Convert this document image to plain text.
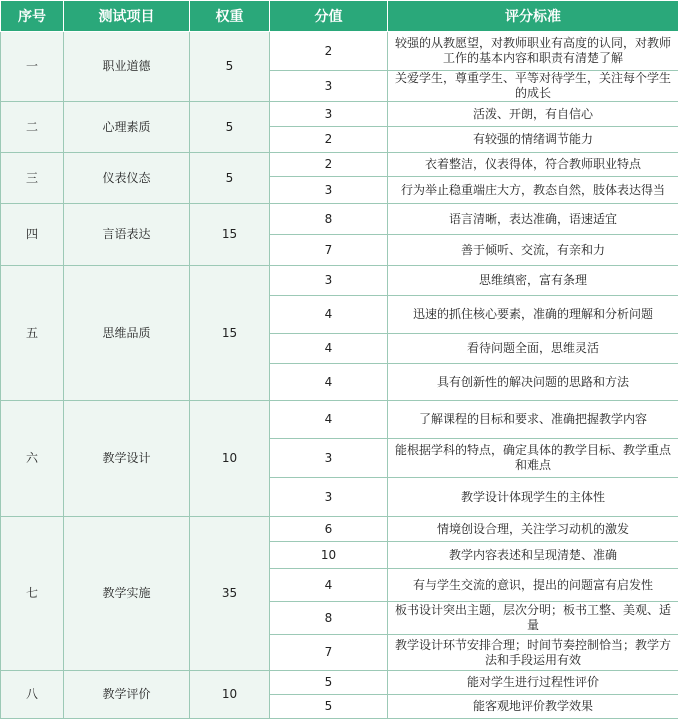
序号	测试项目	权重	分值	评分标准
一	职业道德	5	2	较强的从教愿望，对教师职业有高度的认同，对教师工作的基本内容和职责有清楚了解
			3	关爱学生，尊重学生、平等对待学生，关注每个学生的成长
二	心理素质	5	3	活泼、开朗，有自信心
			2	有较强的情绪调节能力
三	仪表仪态	5	2	衣着整洁，仪表得体，符合教师职业特点
			3	行为举止稳重端庄大方，教态自然，肢体表达得当
四	言语表达	15	8	语言清晰，表达准确，语速适宜
			7	善于倾听、交流，有亲和力
五	思维品质	15	3	思维缜密，富有条理
			4	迅速的抓住核心要素，准确的理解和分析问题
			4	看待问题全面，思维灵活
			4	具有创新性的解决问题的思路和方法
六	教学设计	10	4	了解课程的目标和要求、准确把握教学内容
			3	能根据学科的特点，确定具体的教学目标、教学重点和难点
			3	教学设计体现学生的主体性
七	教学实施	35	6	情境创设合理，关注学习动机的激发
			10	教学内容表述和呈现清楚、准确
			4	有与学生交流的意识，提出的问题富有启发性
			8	板书设计突出主题，层次分明；板书工整、美观、适量
			7	教学设计环节安排合理；时间节奏控制恰当；教学方法和手段运用有效
八	教学评价	10	5	能对学生进行过程性评价
			5	能客观地评价教学效果
